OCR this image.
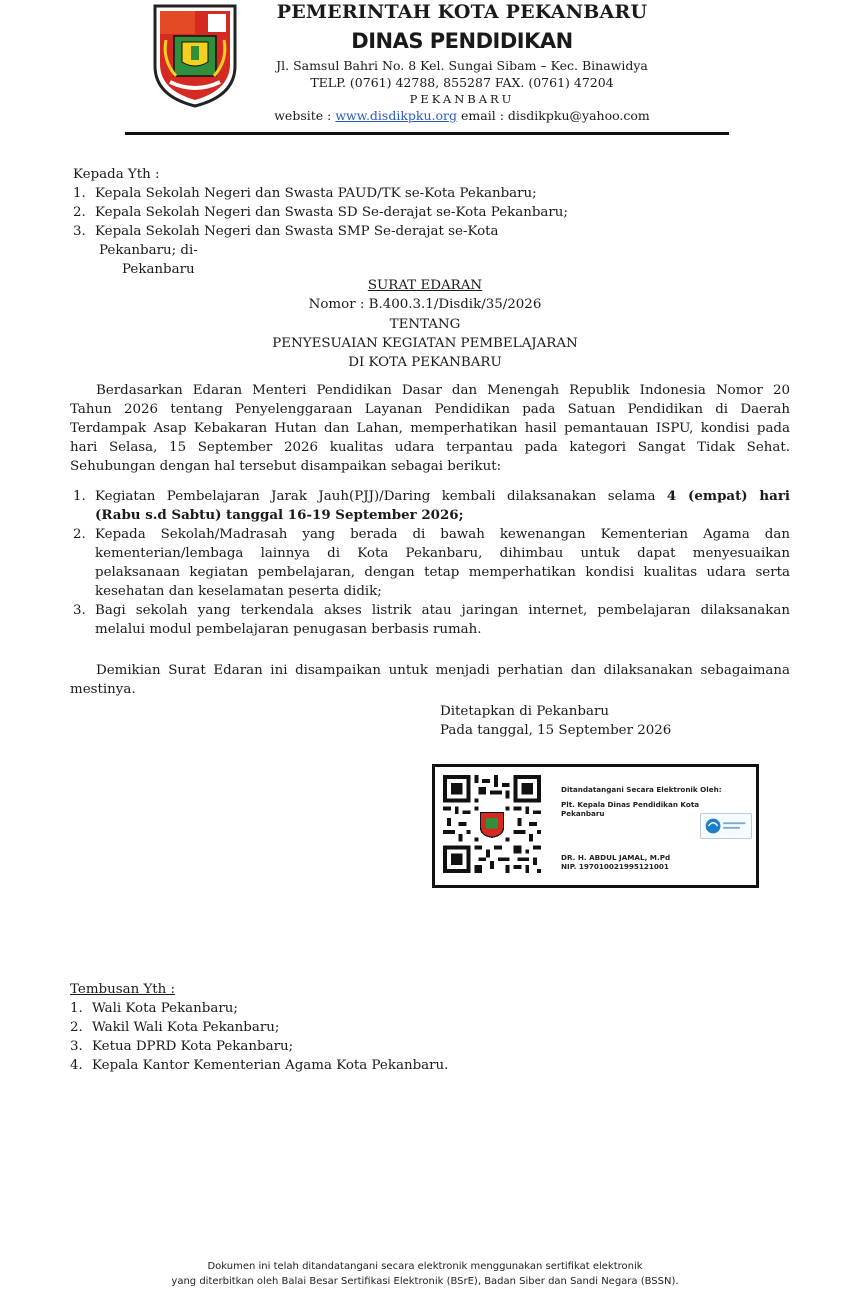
PEMERINTAH KOTA PEKANBARU
DINAS PENDIDIKAN
Jl. Samsul Bahri No. 8 Kel. Sungai Sibam – Kec. Binawidya
TELP. (0761) 42788, 855287 FAX. (0761) 47204
PEKANBARU
website : www.disdikpku.org email : disdikpku@yahoo.com
Kepada Yth :
1. Kepala Sekolah Negeri dan Swasta PAUD/TK se-Kota Pekanbaru;
2. Kepala Sekolah Negeri dan Swasta SD Se-derajat se-Kota Pekanbaru;
3. Kepala Sekolah Negeri dan Swasta SMP Se-derajat se-Kota
Pekanbaru; di-
Pekanbaru
SURAT EDARAN
Nomor : B.400.3.1/Disdik/35/2026
TENTANG
PENYESUAIAN KEGIATAN PEMBELAJARAN
DI KOTA PEKANBARU
Berdasarkan Edaran Menteri Pendidikan Dasar dan Menengah Republik Indonesia Nomor 20
Tahun 2026 tentang Penyelenggaraan Layanan Pendidikan pada Satuan Pendidikan di Daerah
Terdampak Asap Kebakaran Hutan dan Lahan, memperhatikan hasil pemantauan ISPU, kondisi pada
hari Selasa, 15 September 2026 kualitas udara terpantau pada kategori Sangat Tidak Sehat.
Sehubungan dengan hal tersebut disampaikan sebagai berikut:
1. Kegiatan Pembelajaran Jarak Jauh(PJJ)/Daring kembali dilaksanakan selama 4 (empat) hari
(Rabu s.d Sabtu) tanggal 16-19 September 2026;
2. Kepada Sekolah/Madrasah yang berada di bawah kewenangan Kementerian Agama dan
kementerian/lembaga lainnya di Kota Pekanbaru, dihimbau untuk dapat menyesuaikan
pelaksanaan kegiatan pembelajaran, dengan tetap memperhatikan kondisi kualitas udara serta
kesehatan dan keselamatan peserta didik;
3. Bagi sekolah yang terkendala akses listrik atau jaringan internet, pembelajaran dilaksanakan
melalui modul pembelajaran penugasan berbasis rumah.
Demikian Surat Edaran ini disampaikan untuk menjadi perhatian dan dilaksanakan sebagaimana
mestinya.
Ditetapkan di Pekanbaru
Pada tanggal, 15 September 2026
Ditandatangani Secara Elektronik Oleh:
Plt. Kepala Dinas Pendidikan Kota
Pekanbaru
DR. H. ABDUL JAMAL, M.Pd
NIP. 197010021995121001
Tembusan Yth :
1. Wali Kota Pekanbaru;
2. Wakil Wali Kota Pekanbaru;
3. Ketua DPRD Kota Pekanbaru;
4. Kepala Kantor Kementerian Agama Kota Pekanbaru.
Dokumen ini telah ditandatangani secara elektronik menggunakan sertifikat elektronik
yang diterbitkan oleh Balai Besar Sertifikasi Elektronik (BSrE), Badan Siber dan Sandi Negara (BSSN).
